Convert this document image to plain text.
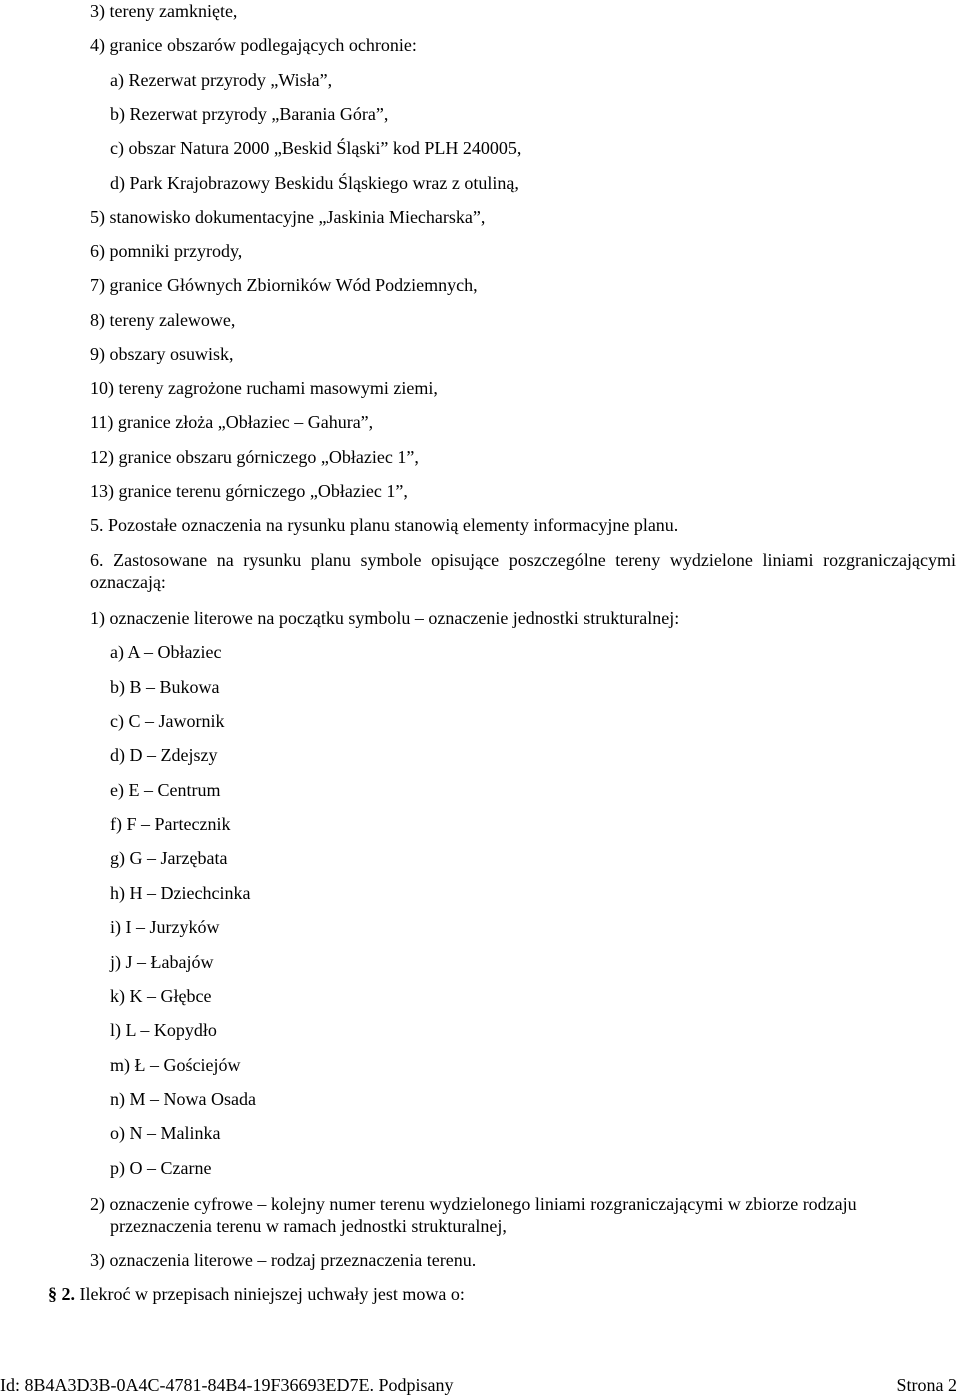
3) tereny zamknięte,
4) granice obszarów podlegających ochronie:
a) Rezerwat przyrody „Wisła”,
b) Rezerwat przyrody „Barania Góra”,
c) obszar Natura 2000 „Beskid Śląski” kod PLH 240005,
d) Park Krajobrazowy Beskidu Śląskiego wraz z otuliną,
5) stanowisko dokumentacyjne „Jaskinia Miecharska”,
6) pomniki przyrody,
7) granice Głównych Zbiorników Wód Podziemnych,
8) tereny zalewowe,
9) obszary osuwisk,
10) tereny zagrożone ruchami masowymi ziemi,
11) granice złoża „Obłaziec – Gahura”,
12) granice obszaru górniczego „Obłaziec 1”,
13) granice terenu górniczego „Obłaziec 1”,
5. Pozostałe oznaczenia na rysunku planu stanowią elementy informacyjne planu.
6. Zastosowane na rysunku planu symbole opisujące poszczególne tereny wydzielone liniami rozgraniczającymi oznaczają:
1) oznaczenie literowe na początku symbolu – oznaczenie jednostki strukturalnej:
a) A – Obłaziec
b) B – Bukowa
c) C – Jawornik
d) D – Zdejszy
e) E – Centrum
f) F – Partecznik
g) G – Jarzębata
h) H – Dziechcinka
i) I – Jurzyków
j) J – Łabajów
k) K – Głębce
l) L – Kopydło
m) Ł – Gościejów
n) M – Nowa Osada
o) N – Malinka
p) O – Czarne
2) oznaczenie cyfrowe – kolejny numer terenu wydzielonego liniami rozgraniczającymi w zbiorze rodzaju przeznaczenia terenu w ramach jednostki strukturalnej,
3) oznaczenia literowe – rodzaj przeznaczenia terenu.
§ 2. Ilekroć w przepisach niniejszej uchwały jest mowa o:
Id: 8B4A3D3B-0A4C-4781-84B4-19F36693ED7E. Podpisany	Strona 2
